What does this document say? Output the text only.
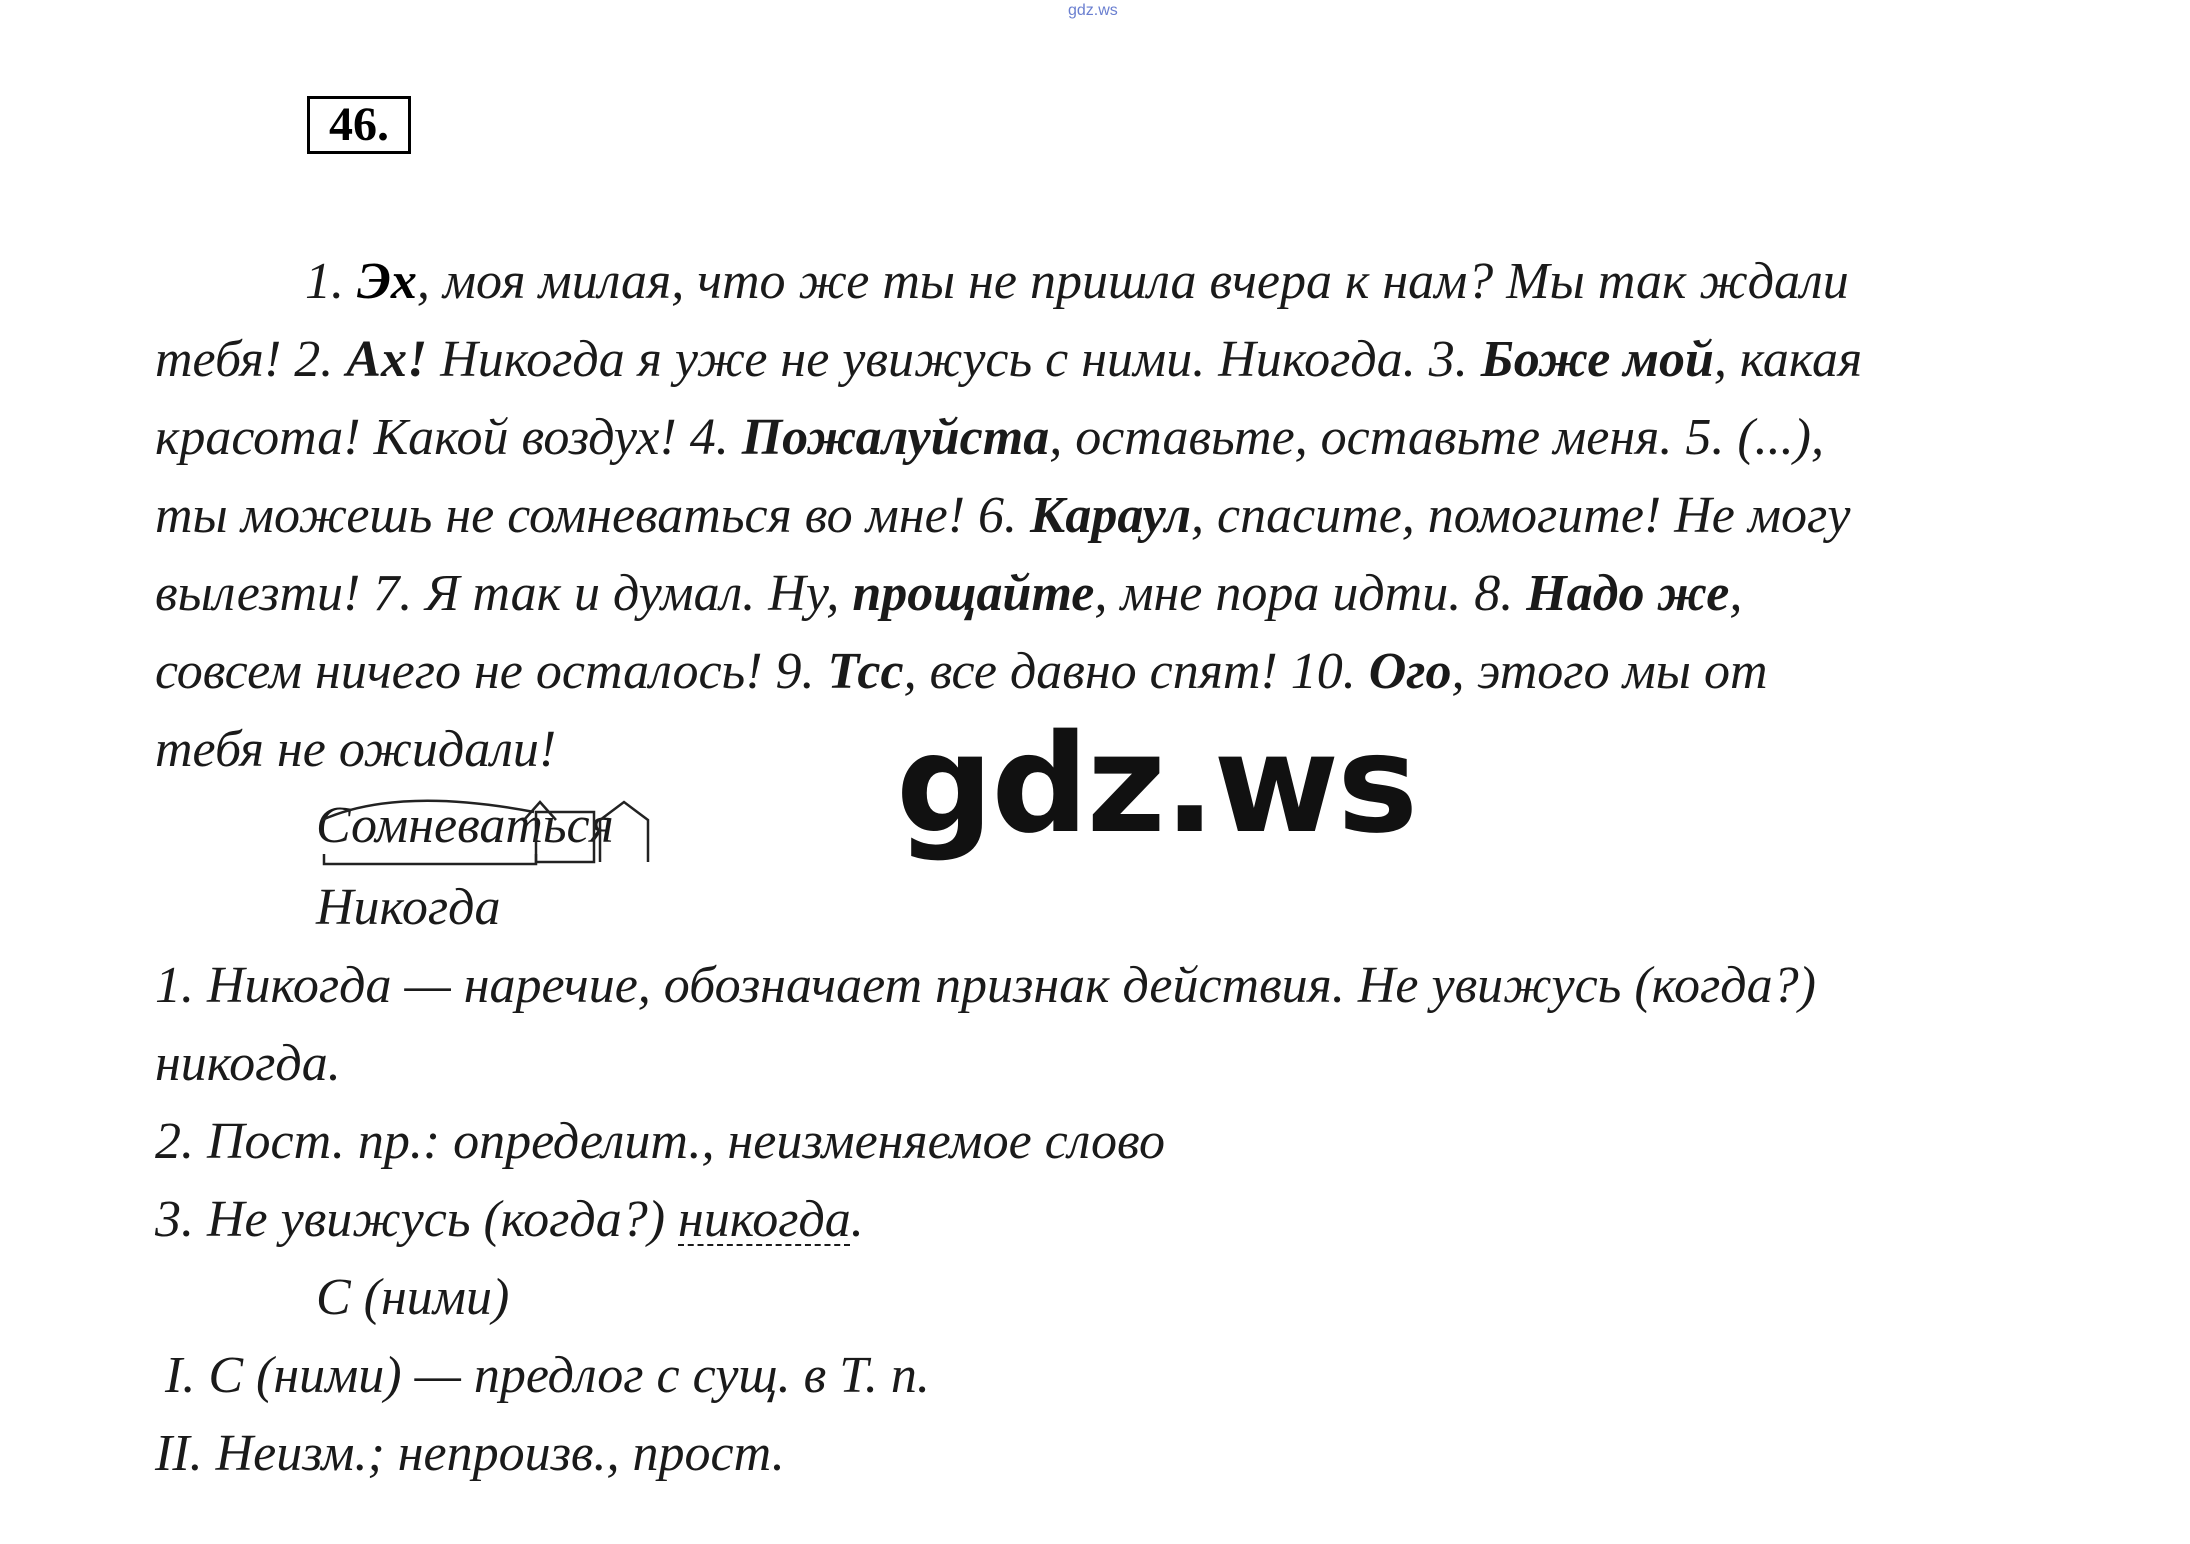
gdz.ws
46.
1. Эх, моя милая, что же ты не пришла вчера к нам? Мы так ждали
тебя! 2. Ах! Никогда я уже не увижусь с ними. Никогда. 3. Боже мой, какая
красота! Какой воздух! 4. Пожалуйста, оставьте, оставьте меня. 5. (...),
ты можешь не сомневаться во мне! 6. Караул, спасите, помогите! Не могу
вылезти! 7. Я так и думал. Ну, прощайте, мне пора идти. 8. Надо же,
совсем ничего не осталось! 9. Тсс, все давно спят! 10. Ого, этого мы от
тебя не ожидали! gdz.ws
Сомневаться
Никогда
1. Никогда — наречие, обозначает признак действия. Не увижусь (когда?)
никогда.
2. Пост. пр.: определит., неизменяемое слово
3. Не увижусь (когда?) никогда.
С (ними)
I. С (ними) — предлог с сущ. в Т. п.
II. Неизм.; непроизв., прост.
